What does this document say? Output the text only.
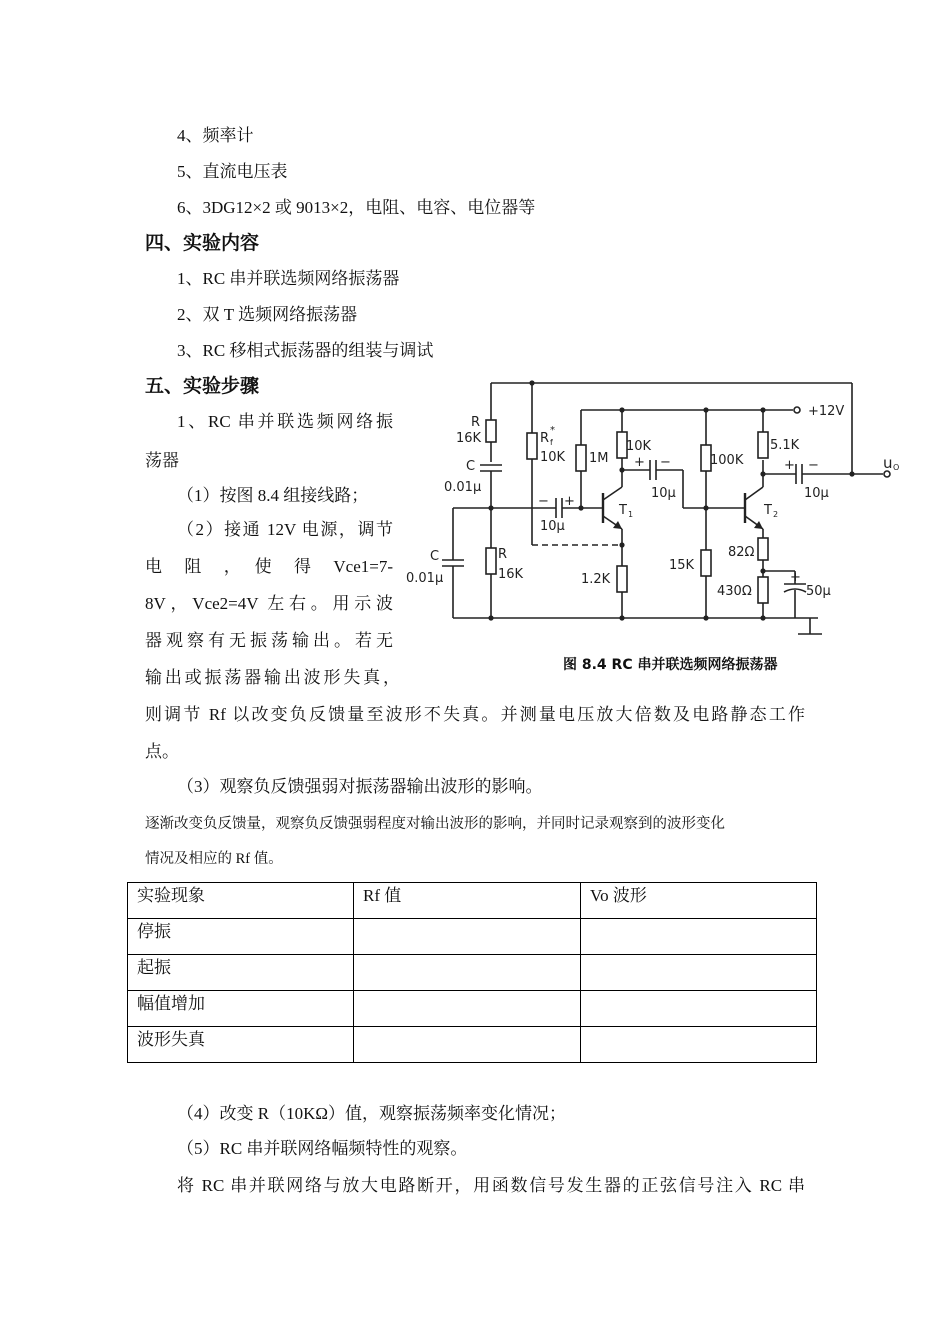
4、频率计
5、直流电压表
6、3DG12×2 或 9013×2，电阻、电容、电位器等
四、实验内容
1、RC 串并联选频网络振荡器
2、双 T 选频网络振荡器
3、RC 移相式振荡器的组装与调试
五、实验步骤
1、RC 串并联选频网络振
荡器
（1）按图 8.4 组接线路；
（2）接通 12V 电源，调节
电　阻　，　使　得　Vce1=7-
8V，Vce2=4V 左右。用示波
器观察有无振荡输出。若无
输出或振荡器输出波形失真，
则调节 Rf 以改变负反馈量至波形不失真。并测量电压放大倍数及电路静态工作
点。
（3）观察负反馈强弱对振荡器输出波形的影响。
逐渐改变负反馈量，观察负反馈强弱程度对输出波形的影响，并同时记录观察到的波形变化
情况及相应的 Rf 值。
实验现象	Rf 值	Vo 波形
停振		
起振		
幅值增加		
波形失真		
（4）改变 R（10KΩ）值，观察振荡频率变化情况；
（5）RC 串并联网络幅频特性的观察。
将 RC 串并联网络与放大电路断开，用函数信号发生器的正弦信号注入 RC 串
+12V
u O
R
16K
C
0.01μ
R f
*
10K 1M
10K
10μ
− +
T 1
+ −
10μ
1.2K
R
16K
C
0.01μ
100K
15K
5.1K
+ −
10μ
T 2
82Ω
430Ω
+
50μ
图 8.4 RC 串并联选频网络振荡器
